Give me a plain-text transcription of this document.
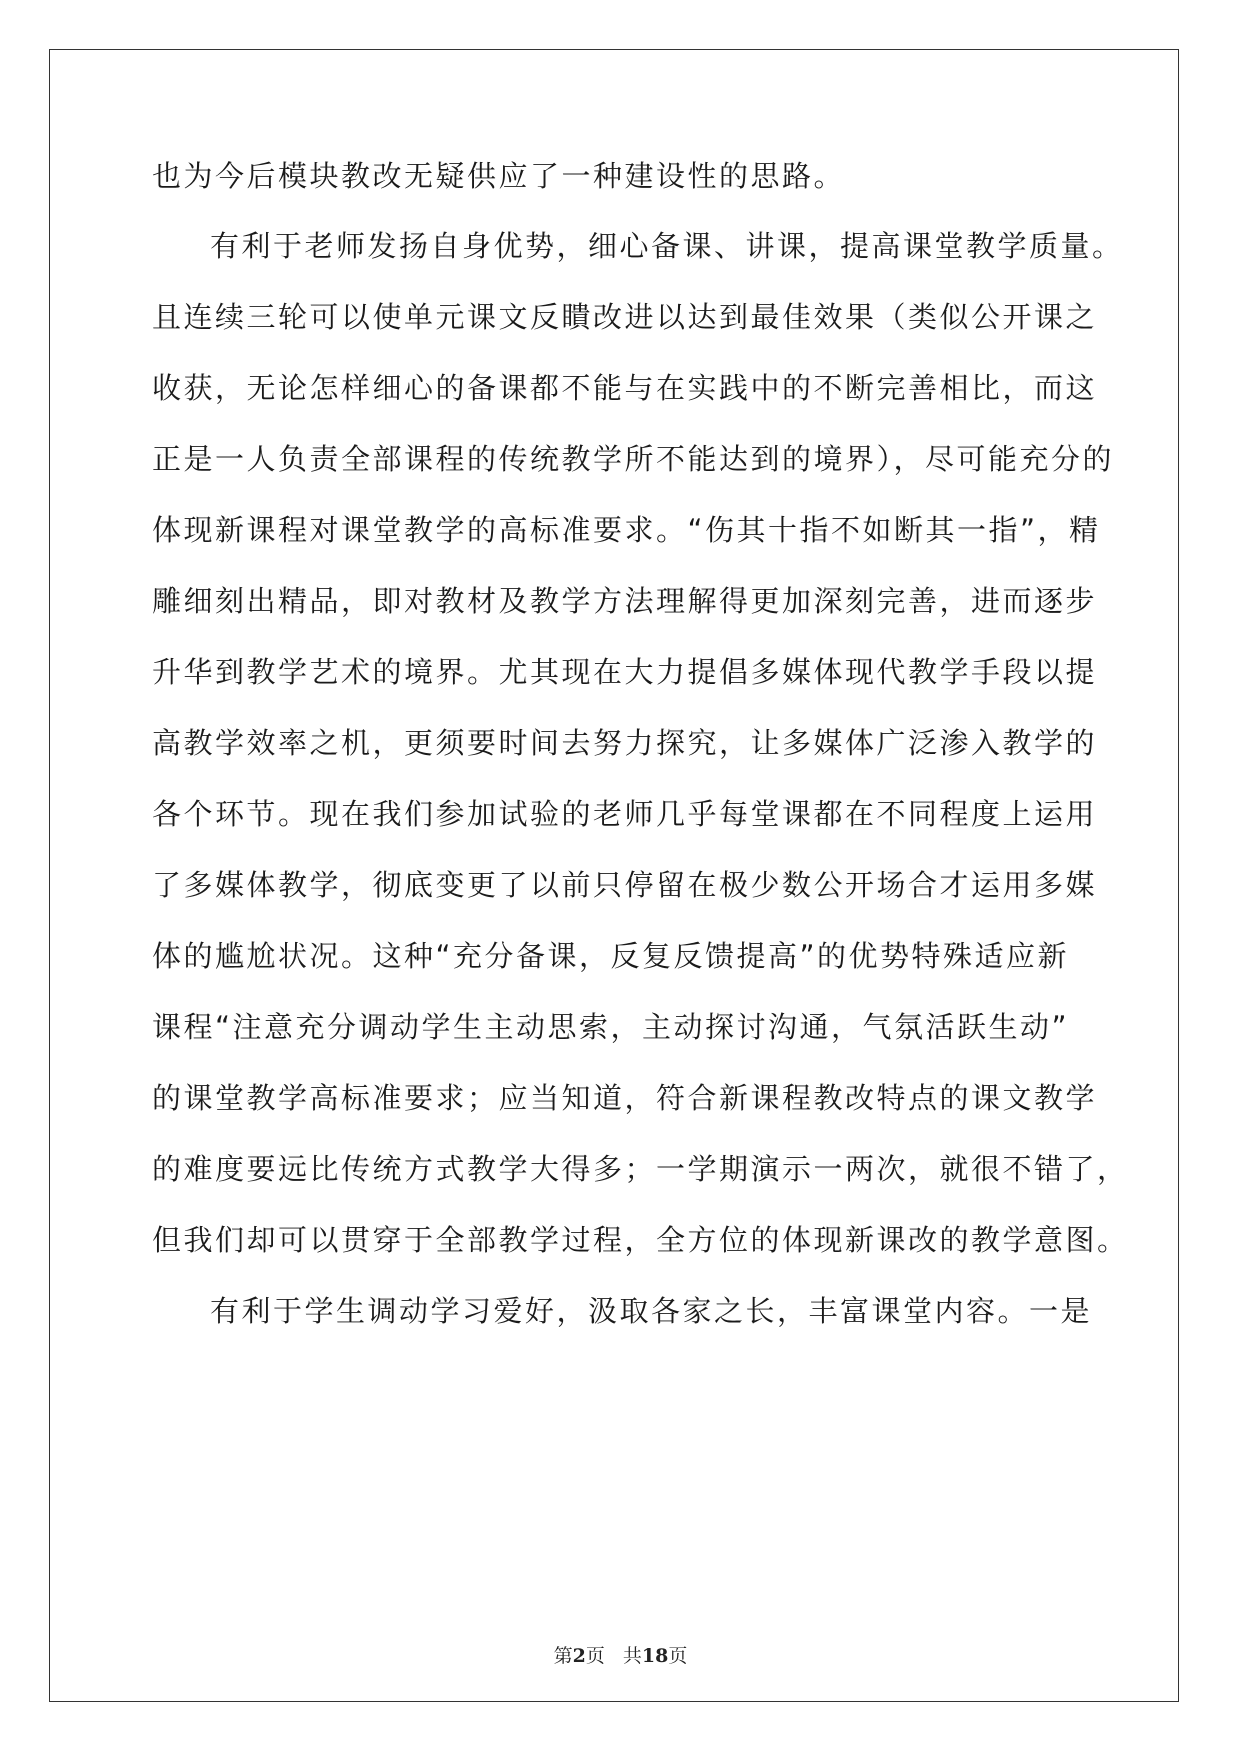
也为今后模块教改无疑供应了一种建设性的思路。
有利于老师发扬自身优势，细心备课、讲课，提高课堂教学质量。
且连续三轮可以使单元课文反瞶改进以达到最佳效果（类似公开课之
收获，无论怎样细心的备课都不能与在实践中的不断完善相比，而这
正是一人负责全部课程的传统教学所不能达到的境界），尽可能充分的
体现新课程对课堂教学的高标准要求。“伤其十指不如断其一指”，精
雕细刻出精品，即对教材及教学方法理解得更加深刻完善，进而逐步
升华到教学艺术的境界。尤其现在大力提倡多媒体现代教学手段以提
高教学效率之机，更须要时间去努力探究，让多媒体广泛渗入教学的
各个环节。现在我们参加试验的老师几乎每堂课都在不同程度上运用
了多媒体教学，彻底变更了以前只停留在极少数公开场合才运用多媒
体的尴尬状况。这种“充分备课，反复反馈提高”的优势特殊适应新
课程“注意充分调动学生主动思索，主动探讨沟通，气氛活跃生动”
的课堂教学高标准要求；应当知道，符合新课程教改特点的课文教学
的难度要远比传统方式教学大得多；一学期演示一两次，就很不错了，
但我们却可以贯穿于全部教学过程，全方位的体现新课改的教学意图。
有利于学生调动学习爱好，汲取各家之长，丰富课堂内容。一是
第2页 共18页
